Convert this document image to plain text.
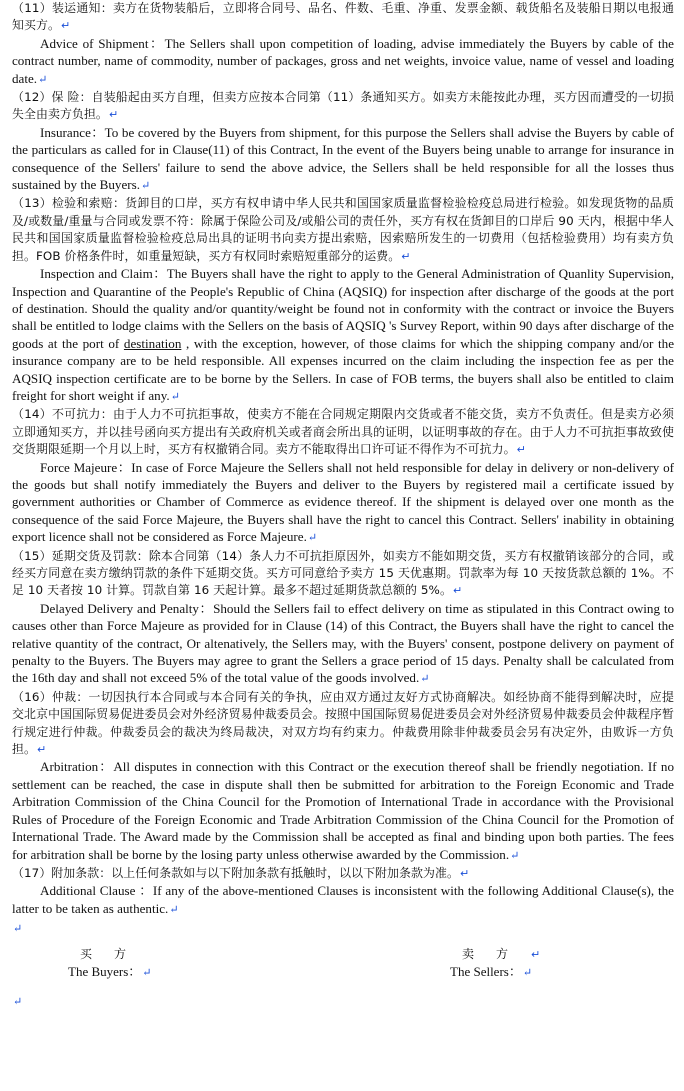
（11）装运通知：卖方在货物装船后，立即将合同号、品名、件数、毛重、净重、发票金额、载货船名及装船日期以电报通知买方。 ↵

Advice of Shipment：The Sellers shall upon competition of loading, advise immediately the Buyers by cable of the contract number, name of commodity, number of packages, gross and net weights, invoice value, name of vessel and loading date. ↵

（12）保 险：自装船起由买方自理，但卖方应按本合同第（11）条通知买方。如卖方未能按此办理，买方因而遭受的一切损失全由卖方负担。 ↵

Insurance：To be covered by the Buyers from shipment, for this purpose the Sellers shall advise the Buyers by cable of the particulars as called for in Clause(11) of this Contract, In the event of the Buyers being unable to arrange for insurance in consequence of the Sellers' failure to send the above advice, the Sellers shall be held responsible for all the losses thus sustained by the Buyers. ↵

（13）检验和索赔：货卸目的口岸，买方有权申请中华人民共和国国家质量监督检验检疫总局进行检验。如发现货物的品质及/或数量/重量与合同或发票不符：除属于保险公司及/或船公司的责任外，买方有权在货卸目的口岸后 90 天内，根据中华人民共和国国家质量监督检验检疫总局出具的证明书向卖方提出索赔，因索赔所发生的一切费用（包括检验费用）均有卖方负担。FOB 价格条件时，如重量短缺，买方有权同时索赔短重部分的运费。 ↵

Inspection and Claim：The Buyers shall have the right to apply to the General Administration of Quanlity Supervision, Inspection and Quarantine of the People's Republic of China (AQSIQ) for inspection after discharge of the goods at the port of destination. Should the quality and/or quantity/weight be found not in conformity with the contract or invoice the Buyers shall be entitled to lodge claims with the Sellers on the basis of AQSIQ 's Survey Report, within 90 days after discharge of the goods at the port of destination , with the exception, however, of those claims for which the shipping company and/or the insurance company are to be held responsible. All expenses incurred on the claim including the inspection fee as per the AQSIQ inspection certificate are to be borne by the Sellers. In case of FOB terms, the buyers shall also be entitled to claim freight for short weight if any. ↵

（14）不可抗力：由于人力不可抗拒事故，使卖方不能在合同规定期限内交货或者不能交货，卖方不负责任。但是卖方必须立即通知买方，并以挂号函向买方提出有关政府机关或者商会所出具的证明，以证明事故的存在。由于人力不可抗拒事故致使交货期限延期一个月以上时，买方有权撤销合同。卖方不能取得出口许可证不得作为不可抗力。 ↵

Force Majeure：In case of Force Majeure the Sellers shall not held responsible for delay in delivery or non-delivery of the goods but shall notify immediately the Buyers and deliver to the Buyers by registered mail a certificate issued by government authorities or Chamber of Commerce as evidence thereof. If the shipment is delayed over one month as the consequence of the said Force Majeure, the Buyers shall have the right to cancel this Contract. Sellers' inability in obtaining export licence shall not be considered as Force Majeure. ↵

（15）延期交货及罚款：除本合同第（14）条人力不可抗拒原因外，如卖方不能如期交货，买方有权撤销该部分的合同，或经买方同意在卖方缴纳罚款的条件下延期交货。买方可同意给予卖方 15 天优惠期。罚款率为每 10 天按货款总额的 1%。不足 10 天者按 10 计算。罚款自第 16 天起计算。最多不超过延期货款总额的 5%。 ↵

Delayed Delivery and Penalty：Should the Sellers fail to effect delivery on time as stipulated in this Contract owing to causes other than Force Majeure as provided for in Clause (14) of this Contract, the Buyers shall have the right to cancel the relative quantity of the contract, Or altenatively, the Sellers may, with the Buyers' consent, postpone delivery on payment of penalty to the Buyers. The Buyers may agree to grant the Sellers a grace period of 15 days. Penalty shall be calculated from the 16th day and shall not exceed 5% of the total value of the goods involved. ↵

（16）仲裁：一切因执行本合同或与本合同有关的争执，应由双方通过友好方式协商解决。如经协商不能得到解决时，应提交北京中国国际贸易促进委员会对外经济贸易仲裁委员会。按照中国国际贸易促进委员会对外经济贸易仲裁委员会仲裁程序暂行规定进行仲裁。仲裁委员会的裁决为终局裁决，对双方均有约束力。仲裁费用除非仲裁委员会另有决定外，由败诉一方负担。 ↵

Arbitration：All disputes in connection with this Contract or the execution thereof shall be friendly negotiation. If no settlement can be reached, the case in dispute shall then be submitted for arbitration to the Foreign Economic and Trade Arbitration Commission of the China Council for the Promotion of International Trade in accordance with the Provisional Rules of Procedure of the Foreign Economic and Trade Arbitration Commission of the China Council for the Promotion of International Trade. The Award made by the Commission shall be accepted as final and binding upon both parties. The fees for arbitration shall be borne by the losing party unless otherwise awarded by the Commission. ↵

（17）附加条款：以上任何条款如与以下附加条款有抵触时，以以下附加条款为准。 ↵

Additional Clause ：If any of the above-mentioned Clauses is inconsistent with the following Additional Clause(s), the latter to be taken as authentic. ↵

↵

买方
The Buyers： ↵
卖方 ↵
The Sellers： ↵

↵
